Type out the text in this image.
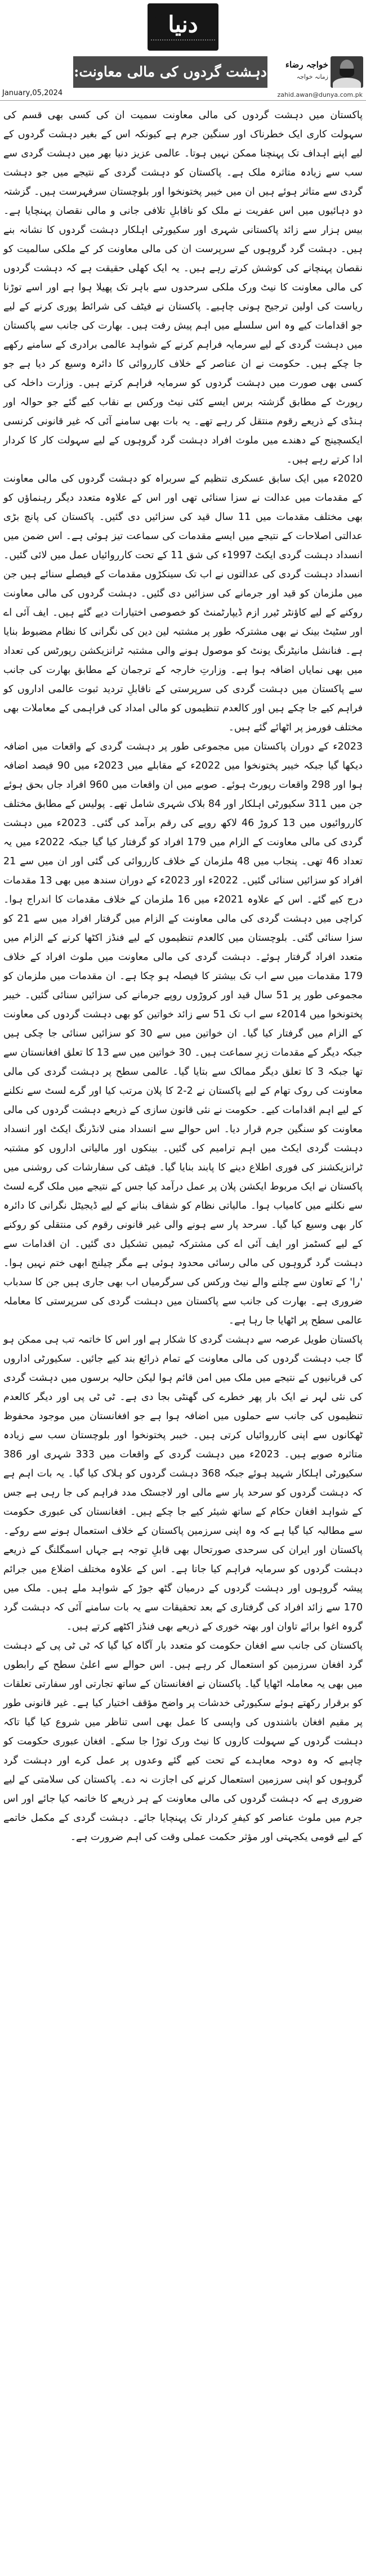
دنیا
دہشت گردوں کی مالی معاونت: ایک سنگین جرم
خواجہ رضاء
زمانہ خواجہ
zahid.awan@dunya.com.pk
January,05,2024

پاکستان میں دہشت گردوں کی مالی معاونت سمیت ان کی کسی بھی قسم کی سہولت کاری ایک خطرناک اور سنگین جرم ہے کیونکہ اس کے بغیر دہشت گردوں کے لیے اپنے اہداف تک پہنچنا ممکن نہیں ہوتا۔ عالمی عزیز دنیا بھر میں دہشت گردی سے سب سے زیادہ متاثرہ ملک ہے۔ پاکستان کو دہشت گردی کے نتیجے میں جو دہشت گردی سے متاثر ہوئے ہیں ان میں خیبر پختونخوا اور بلوچستان سرفہرست ہیں۔ گزشتہ دو دہائیوں میں اس عفریت نے ملک کو ناقابلِ تلافی جانی و مالی نقصان پہنچایا ہے۔ بیس ہزار سے زائد پاکستانی شہری اور سکیورٹی اہلکار دہشت گردوں کا نشانہ بنے ہیں۔ دہشت گرد گروہوں کے سرپرست ان کی مالی معاونت کر کے ملکی سالمیت کو نقصان پہنچانے کی کوشش کرتے رہے ہیں۔ یہ ایک کھلی حقیقت ہے کہ دہشت گردوں کی مالی معاونت کا نیٹ ورک ملکی سرحدوں سے باہر تک پھیلا ہوا ہے اور اسے توڑنا ریاست کی اولین ترجیح ہونی چاہیے۔ پاکستان نے فیٹف کی شرائط پوری کرنے کے لیے جو اقدامات کیے وہ اس سلسلے میں اہم پیش رفت ہیں۔ بھارت کی جانب سے پاکستان میں دہشت گردی کے لیے سرمایہ فراہم کرنے کے شواہد عالمی برادری کے سامنے رکھے جا چکے ہیں۔ حکومت نے ان عناصر کے خلاف کارروائی کا دائرہ وسیع کر دیا ہے جو کسی بھی صورت میں دہشت گردوں کو سرمایہ فراہم کرتے ہیں۔ وزارت داخلہ کی رپورٹ کے مطابق گزشتہ برس ایسے کئی نیٹ ورکس بے نقاب کیے گئے جو حوالہ اور ہنڈی کے ذریعے رقوم منتقل کر رہے تھے۔ یہ بات بھی سامنے آئی کہ غیر قانونی کرنسی ایکسچینج کے دھندے میں ملوث افراد دہشت گرد گروہوں کے لیے سہولت کار کا کردار ادا کرتے رہے ہیں۔

2020ء میں ایک سابق عسکری تنظیم کے سربراہ کو دہشت گردوں کی مالی معاونت کے مقدمات میں عدالت نے سزا سنائی تھی اور اس کے علاوہ متعدد دیگر رہنماؤں کو بھی مختلف مقدمات میں 11 سال قید کی سزائیں دی گئیں۔ پاکستان کی پانچ بڑی عدالتی اصلاحات کے نتیجے میں ایسے مقدمات کی سماعت تیز ہوئی ہے۔ اس ضمن میں انسداد دہشت گردی ایکٹ 1997ء کی شق 11 کے تحت کارروائیاں عمل میں لائی گئیں۔ انسداد دہشت گردی کی عدالتوں نے اب تک سینکڑوں مقدمات کے فیصلے سنائے ہیں جن میں ملزمان کو قید اور جرمانے کی سزائیں دی گئیں۔ دہشت گردوں کی مالی معاونت روکنے کے لیے کاؤنٹر ٹیرر ازم ڈیپارٹمنٹ کو خصوصی اختیارات دیے گئے ہیں۔ ایف آئی اے اور سٹیٹ بینک نے بھی مشترکہ طور پر مشتبہ لین دین کی نگرانی کا نظام مضبوط بنایا ہے۔ فنانشل مانیٹرنگ یونٹ کو موصول ہونے والی مشتبہ ٹرانزیکشن رپورٹس کی تعداد میں بھی نمایاں اضافہ ہوا ہے۔ وزارتِ خارجہ کے ترجمان کے مطابق بھارت کی جانب سے پاکستان میں دہشت گردی کی سرپرستی کے ناقابلِ تردید ثبوت عالمی اداروں کو فراہم کیے جا چکے ہیں اور کالعدم تنظیموں کو مالی امداد کی فراہمی کے معاملات بھی مختلف فورمز پر اٹھائے گئے ہیں۔

2023ء کے دوران پاکستان میں مجموعی طور پر دہشت گردی کے واقعات میں اضافہ دیکھا گیا جبکہ خیبر پختونخوا میں 2022ء کے مقابلے میں 2023ء میں 90 فیصد اضافہ ہوا اور 298 واقعات رپورٹ ہوئے۔ صوبے میں ان واقعات میں 960 افراد جاں بحق ہوئے جن میں 311 سکیورٹی اہلکار اور 84 بلاک شہری شامل تھے۔ پولیس کے مطابق مختلف کارروائیوں میں 13 کروڑ 46 لاکھ روپے کی رقم برآمد کی گئی۔ 2023ء میں دہشت گردی کی مالی معاونت کے الزام میں 179 افراد کو گرفتار کیا گیا جبکہ 2022ء میں یہ تعداد 46 تھی۔ پنجاب میں 48 ملزمان کے خلاف کارروائی کی گئی اور ان میں سے 21 افراد کو سزائیں سنائی گئیں۔ 2022ء اور 2023ء کے دوران سندھ میں بھی 13 مقدمات درج کیے گئے۔ اس کے علاوہ 2021ء میں 16 ملزمان کے خلاف مقدمات کا اندراج ہوا۔ کراچی میں دہشت گردی کی مالی معاونت کے الزام میں گرفتار افراد میں سے 21 کو سزا سنائی گئی۔ بلوچستان میں کالعدم تنظیموں کے لیے فنڈز اکٹھا کرنے کے الزام میں متعدد افراد گرفتار ہوئے۔ دہشت گردی کی مالی معاونت میں ملوث افراد کے خلاف 179 مقدمات میں سے اب تک بیشتر کا فیصلہ ہو چکا ہے۔ ان مقدمات میں ملزمان کو مجموعی طور پر 51 سال قید اور کروڑوں روپے جرمانے کی سزائیں سنائی گئیں۔ خیبر پختونخوا میں 2014ء سے اب تک 51 سے زائد خواتین کو بھی دہشت گردوں کی معاونت کے الزام میں گرفتار کیا گیا۔ ان خواتین میں سے 30 کو سزائیں سنائی جا چکی ہیں جبکہ دیگر کے مقدمات زیرِ سماعت ہیں۔ 30 خواتین میں سے 13 کا تعلق افغانستان سے تھا جبکہ 3 کا تعلق دیگر ممالک سے بتایا گیا۔ عالمی سطح پر دہشت گردی کی مالی معاونت کی روک تھام کے لیے پاکستان نے 2-2 کا پلان مرتب کیا اور گرے لسٹ سے نکلنے کے لیے اہم اقدامات کیے۔ حکومت نے نئی قانون سازی کے ذریعے دہشت گردوں کی مالی معاونت کو سنگین جرم قرار دیا۔ اس حوالے سے انسداد منی لانڈرنگ ایکٹ اور انسداد دہشت گردی ایکٹ میں اہم ترامیم کی گئیں۔ بینکوں اور مالیاتی اداروں کو مشتبہ ٹرانزیکشنز کی فوری اطلاع دینے کا پابند بنایا گیا۔ فیٹف کی سفارشات کی روشنی میں پاکستان نے ایک مربوط ایکشن پلان پر عمل درآمد کیا جس کے نتیجے میں ملک گرے لسٹ سے نکلنے میں کامیاب ہوا۔ مالیاتی نظام کو شفاف بنانے کے لیے ڈیجیٹل نگرانی کا دائرہ کار بھی وسیع کیا گیا۔ سرحد پار سے ہونے والی غیر قانونی رقوم کی منتقلی کو روکنے کے لیے کسٹمز اور ایف آئی اے کی مشترکہ ٹیمیں تشکیل دی گئیں۔ ان اقدامات سے دہشت گرد گروہوں کی مالی رسائی محدود ہوئی ہے مگر چیلنج ابھی ختم نہیں ہوا۔ 'را' کے تعاون سے چلنے والے نیٹ ورکس کی سرگرمیاں اب بھی جاری ہیں جن کا سدباب ضروری ہے۔ بھارت کی جانب سے پاکستان میں دہشت گردی کی سرپرستی کا معاملہ عالمی سطح پر اٹھایا جا رہا ہے۔

پاکستان طویل عرصہ سے دہشت گردی کا شکار ہے اور اس کا خاتمہ تب ہی ممکن ہو گا جب دہشت گردوں کی مالی معاونت کے تمام ذرائع بند کیے جائیں۔ سکیورٹی اداروں کی قربانیوں کے نتیجے میں ملک میں امن قائم ہوا لیکن حالیہ برسوں میں دہشت گردی کی نئی لہر نے ایک بار پھر خطرے کی گھنٹی بجا دی ہے۔ ٹی ٹی پی اور دیگر کالعدم تنظیموں کی جانب سے حملوں میں اضافہ ہوا ہے جو افغانستان میں موجود محفوظ ٹھکانوں سے اپنی کارروائیاں کرتی ہیں۔ خیبر پختونخوا اور بلوچستان سب سے زیادہ متاثرہ صوبے ہیں۔ 2023ء میں دہشت گردی کے واقعات میں 333 شہری اور 386 سکیورٹی اہلکار شہید ہوئے جبکہ 368 دہشت گردوں کو ہلاک کیا گیا۔ یہ بات اہم ہے کہ دہشت گردوں کو سرحد پار سے مالی اور لاجسٹک مدد فراہم کی جا رہی ہے جس کے شواہد افغان حکام کے ساتھ شیئر کیے جا چکے ہیں۔ افغانستان کی عبوری حکومت سے مطالبہ کیا گیا ہے کہ وہ اپنی سرزمین پاکستان کے خلاف استعمال ہونے سے روکے۔ پاکستان اور ایران کی سرحدی صورتحال بھی قابلِ توجہ ہے جہاں اسمگلنگ کے ذریعے دہشت گردوں کو سرمایہ فراہم کیا جاتا ہے۔ اس کے علاوہ مختلف اضلاع میں جرائم پیشہ گروہوں اور دہشت گردوں کے درمیان گٹھ جوڑ کے شواہد ملے ہیں۔ ملک میں 170 سے زائد افراد کی گرفتاری کے بعد تحقیقات سے یہ بات سامنے آئی کہ دہشت گرد گروہ اغوا برائے تاوان اور بھتہ خوری کے ذریعے بھی فنڈز اکٹھے کرتے ہیں۔

پاکستان کی جانب سے افغان حکومت کو متعدد بار آگاہ کیا گیا کہ ٹی ٹی پی کے دہشت گرد افغان سرزمین کو استعمال کر رہے ہیں۔ اس حوالے سے اعلیٰ سطح کے رابطوں میں بھی یہ معاملہ اٹھایا گیا۔ پاکستان نے افغانستان کے ساتھ تجارتی اور سفارتی تعلقات کو برقرار رکھتے ہوئے سکیورٹی خدشات پر واضح مؤقف اختیار کیا ہے۔ غیر قانونی طور پر مقیم افغان باشندوں کی واپسی کا عمل بھی اسی تناظر میں شروع کیا گیا تاکہ دہشت گردوں کے سہولت کاروں کا نیٹ ورک توڑا جا سکے۔ افغان عبوری حکومت کو چاہیے کہ وہ دوحہ معاہدے کے تحت کیے گئے وعدوں پر عمل کرے اور دہشت گرد گروہوں کو اپنی سرزمین استعمال کرنے کی اجازت نہ دے۔ پاکستان کی سلامتی کے لیے ضروری ہے کہ دہشت گردوں کی مالی معاونت کے ہر ذریعے کا خاتمہ کیا جائے اور اس جرم میں ملوث عناصر کو کیفرِ کردار تک پہنچایا جائے۔ دہشت گردی کے مکمل خاتمے کے لیے قومی یکجہتی اور مؤثر حکمت عملی وقت کی اہم ضرورت ہے۔
